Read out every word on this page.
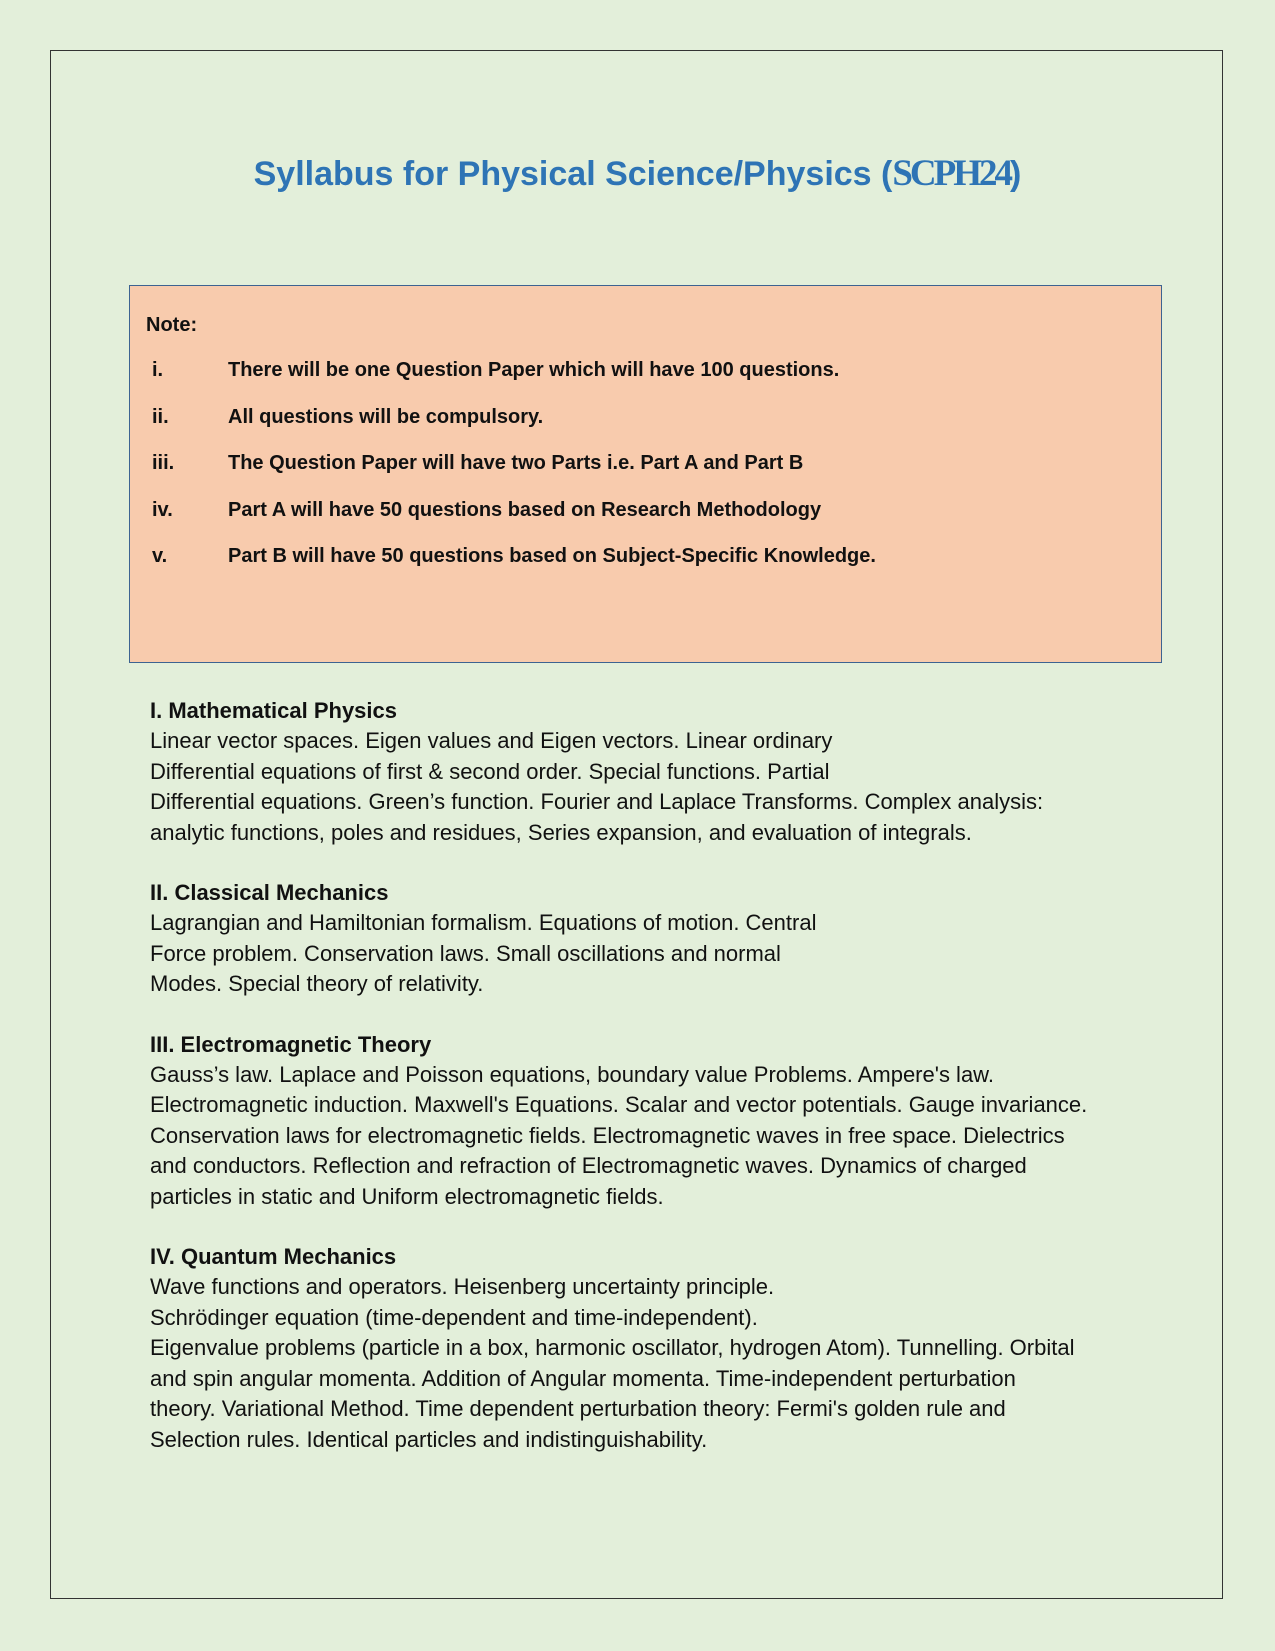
Syllabus for Physical Science/Physics (SCPH24)
Note:
i.	There will be one Question Paper which will have 100 questions.
ii.	All questions will be compulsory.
iii.	The Question Paper will have two Parts i.e. Part A and Part B
iv.	Part A will have 50 questions based on Research Methodology
v.	Part B will have 50 questions based on Subject-Specific Knowledge.
I. Mathematical Physics
Linear vector spaces. Eigen values and Eigen vectors. Linear ordinary
Differential equations of first & second order. Special functions. Partial
Differential equations. Green’s function. Fourier and Laplace Transforms. Complex analysis:
analytic functions, poles and residues, Series expansion, and evaluation of integrals.
II. Classical Mechanics
Lagrangian and Hamiltonian formalism. Equations of motion. Central
Force problem. Conservation laws. Small oscillations and normal
Modes. Special theory of relativity.
III. Electromagnetic Theory
Gauss’s law. Laplace and Poisson equations, boundary value Problems. Ampere's law.
Electromagnetic induction. Maxwell's Equations. Scalar and vector potentials. Gauge invariance.
Conservation laws for electromagnetic fields. Electromagnetic waves in free space. Dielectrics
and conductors. Reflection and refraction of Electromagnetic waves. Dynamics of charged
particles in static and Uniform electromagnetic fields.
IV. Quantum Mechanics
Wave functions and operators. Heisenberg uncertainty principle.
Schrödinger equation (time-dependent and time-independent).
Eigenvalue problems (particle in a box, harmonic oscillator, hydrogen Atom). Tunnelling. Orbital
and spin angular momenta. Addition of Angular momenta. Time-independent perturbation
theory. Variational Method. Time dependent perturbation theory: Fermi's golden rule and
Selection rules. Identical particles and indistinguishability.
